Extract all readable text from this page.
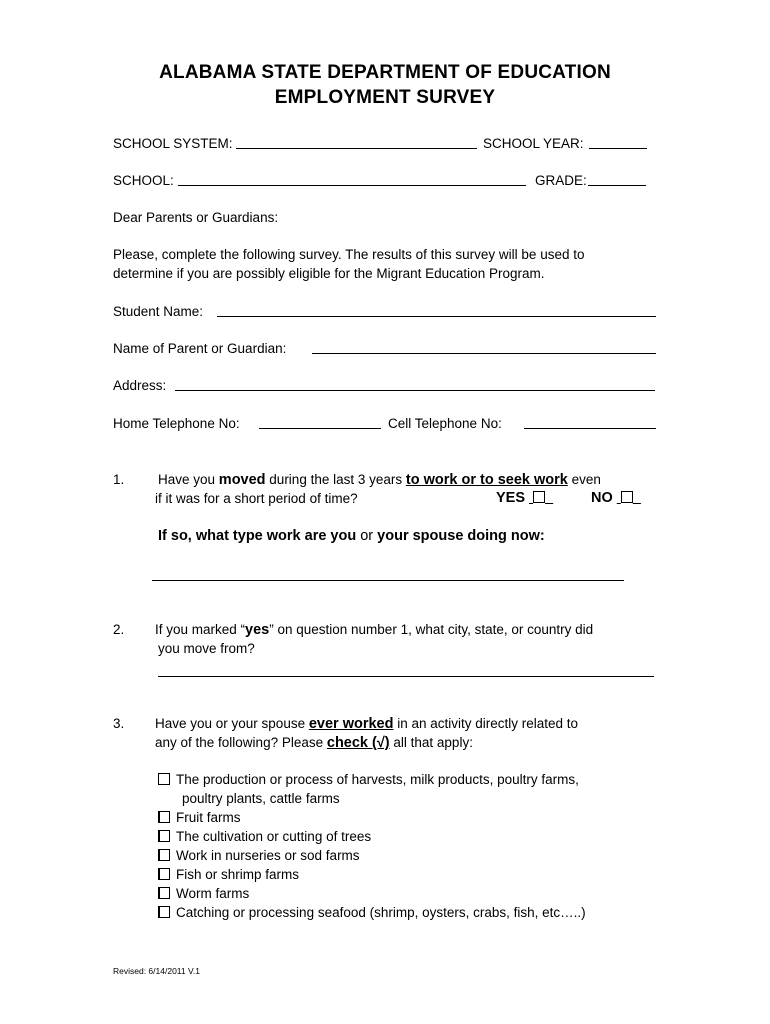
ALABAMA STATE DEPARTMENT OF EDUCATION
EMPLOYMENT SURVEY
SCHOOL SYSTEM:	SCHOOL YEAR:
SCHOOL:	GRADE:
Dear Parents or Guardians:
Please, complete the following survey. The results of this survey will be used to
determine if you are possibly eligible for the Migrant Education Program.
Student Name:
Name of Parent or Guardian:
Address:
Home Telephone No:	Cell Telephone No:
1. Have you moved during the last 3 years to work or to seek work even
if it was for a short period of time?	YES	NO
If so, what type work are you or your spouse doing now:
2. If you marked “yes” on question number 1, what city, state, or country did
you move from?
3. Have you or your spouse ever worked in an activity directly related to
any of the following? Please check (√) all that apply:
The production or process of harvests, milk products, poultry farms,
poultry plants, cattle farms
Fruit farms
The cultivation or cutting of trees
Work in nurseries or sod farms
Fish or shrimp farms
Worm farms
Catching or processing seafood (shrimp, oysters, crabs, fish, etc…..)
Revised: 6/14/2011 V.1
